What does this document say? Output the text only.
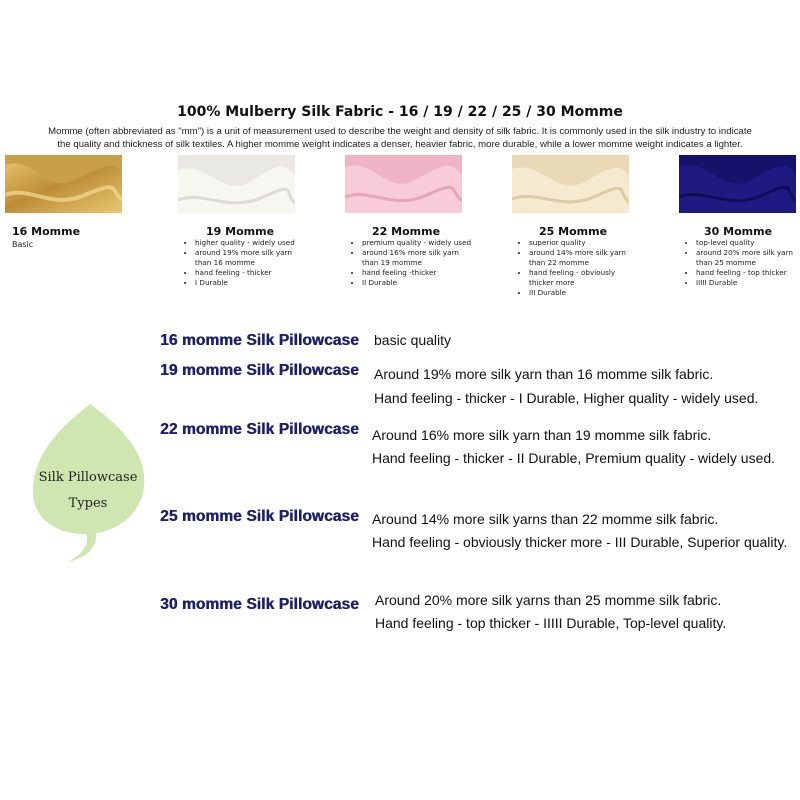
100% Mulberry Silk Fabric - 16 / 19 / 22 / 25 / 30 Momme
Momme (often abbreviated as "mm") is a unit of measurement used to describe the weight and density of silk fabric. It is commonly used in the silk industry to indicate
the quality and thickness of silk textiles. A higher momme weight indicates a denser, heavier fabric, more durable, while a lower momme weight indicates a lighter.
16 Momme
Basic
19 Momme
• higher quality - widely used
• around 19% more silk yarn than 16 momme
• hand feeling - thicker
• I Durable
22 Momme
• premium quality - widely used
• around 16% more silk yarn than 19 momme
• hand feeling -thicker
• II Durable
25 Momme
• superior quality
• around 14% more silk yarn than 22 momme
• hand feeling - obviously thicker more
• III Durable
30 Momme
• top-level quality
• around 20% more silk yarn than 25 momme
• hand feeling - top thicker
• IIIII Durable
Silk Pillowcase
Types
16 momme Silk Pillowcase basic quality
19 momme Silk Pillowcase Around 19% more silk yarn than 16 momme silk fabric.
Hand feeling - thicker - I Durable, Higher quality - widely used.
22 momme Silk Pillowcase Around 16% more silk yarn than 19 momme silk fabric.
Hand feeling - thicker - II Durable, Premium quality - widely used.
25 momme Silk Pillowcase Around 14% more silk yarns than 22 momme silk fabric.
Hand feeling - obviously thicker more - III Durable, Superior quality.
30 momme Silk Pillowcase Around 20% more silk yarns than 25 momme silk fabric.
Hand feeling - top thicker - IIIII Durable, Top-level quality.
